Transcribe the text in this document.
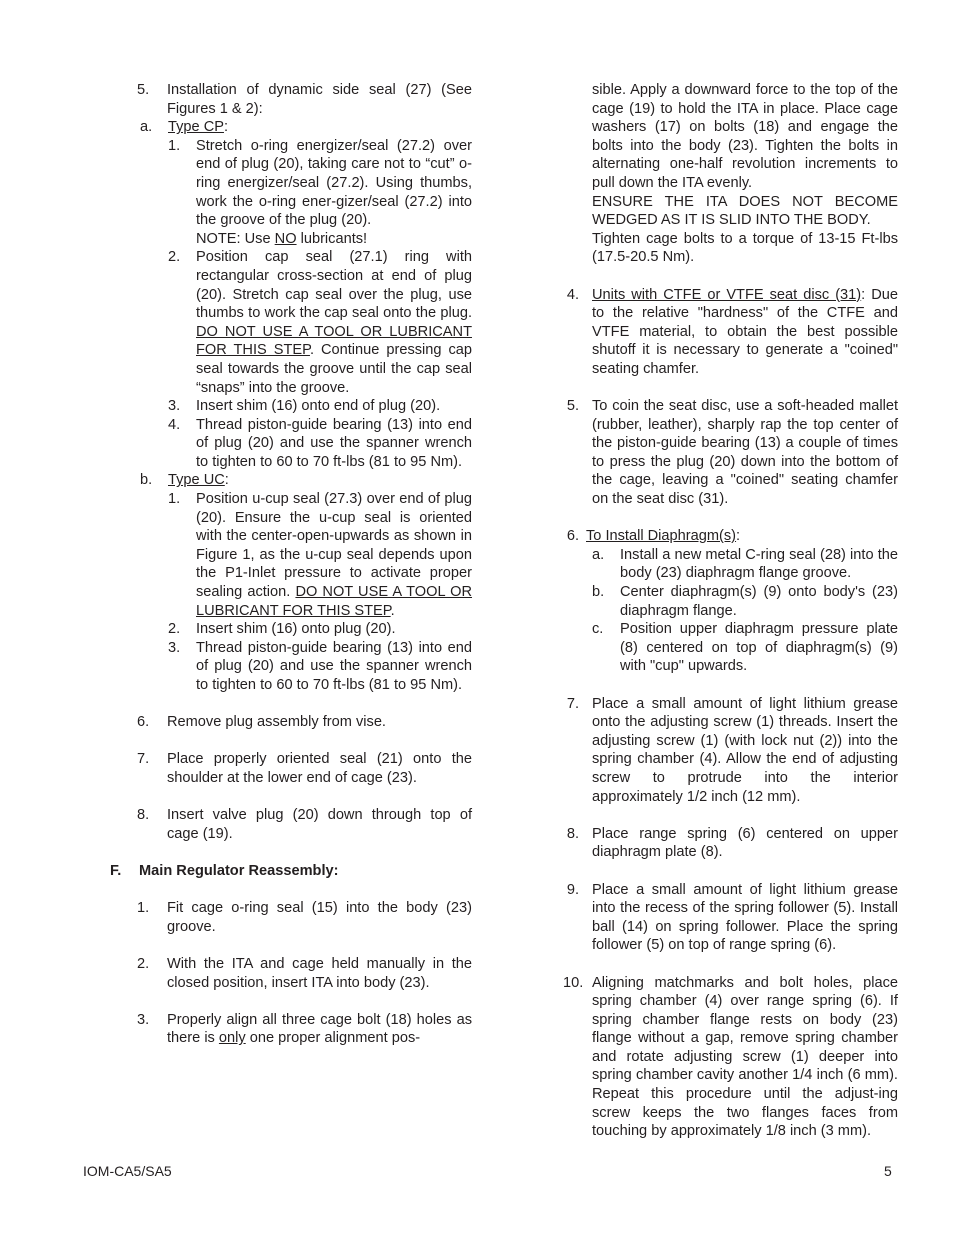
5. Installation of dynamic side seal (27) (See Figures 1 & 2):

a. Type CP:

1. Stretch o-ring energizer/seal (27.2) over end of plug (20), taking care not to “cut” o-ring energizer/seal (27.2). Using thumbs, work the o-ring ener-gizer/seal (27.2) into the groove of the plug (20).

NOTE: Use NO lubricants!

2. Position cap seal (27.1) ring with rectangular cross-section at end of plug (20). Stretch cap seal over the plug, use thumbs to work the cap seal onto the plug. DO NOT USE A TOOL OR LUBRICANT FOR THIS STEP. Continue pressing cap seal towards the groove until the cap seal “snaps” into the groove.

3. Insert shim (16) onto end of plug (20).

4. Thread piston-guide bearing (13) into end of plug (20) and use the spanner wrench to tighten to 60 to 70 ft-lbs (81 to 95 Nm).

b. Type UC:

1. Position u-cup seal (27.3) over end of plug (20). Ensure the u-cup seal is oriented with the center-open-upwards as shown in Figure 1, as the u-cup seal depends upon the P1-Inlet pressure to activate proper sealing action. DO NOT USE A TOOL OR LUBRICANT FOR THIS STEP.

2. Insert shim (16) onto plug (20).

3. Thread piston-guide bearing (13) into end of plug (20) and use the spanner wrench to tighten to 60 to 70 ft-lbs (81 to 95 Nm).

6. Remove plug assembly from vise.

7. Place properly oriented seal (21) onto the shoulder at the lower end of cage (23).

8. Insert valve plug (20) down through top of cage (19).

F. Main Regulator Reassembly:

1. Fit cage o-ring seal (15) into the body (23) groove.

2. With the ITA and cage held manually in the closed position, insert ITA into body (23).

3. Properly align all three cage bolt (18) holes as there is only one proper alignment pos-

sible. Apply a downward force to the top of the cage (19) to hold the ITA in place. Place cage washers (17) on bolts (18) and engage the bolts into the body (23). Tighten the bolts in alternating one-half revolution increments to pull down the ITA evenly.

ENSURE THE ITA DOES NOT BECOME WEDGED AS IT IS SLID INTO THE BODY.

Tighten cage bolts to a torque of 13-15 Ft-lbs (17.5-20.5 Nm).

4. Units with CTFE or VTFE seat disc (31): Due to the relative "hardness" of the CTFE and VTFE material, to obtain the best possible shutoff it is necessary to generate a "coined" seating chamfer.

5. To coin the seat disc, use a soft-headed mallet (rubber, leather), sharply rap the top center of the piston-guide bearing (13) a couple of times to press the plug (20) down into the bottom of the cage, leaving a "coined" seating chamfer on the seat disc (31).

6. To Install Diaphragm(s):

a. Install a new metal C-ring seal (28) into the body (23) diaphragm flange groove.

b. Center diaphragm(s) (9) onto body's (23) diaphragm flange.

c. Position upper diaphragm pressure plate (8) centered on top of diaphragm(s) (9) with "cup" upwards.

7. Place a small amount of light lithium grease onto the adjusting screw (1) threads. Insert the adjusting screw (1) (with lock nut (2)) into the spring chamber (4). Allow the end of adjusting screw to protrude into the interior approximately 1/2 inch (12 mm).

8. Place range spring (6) centered on upper diaphragm plate (8).

9. Place a small amount of light lithium grease into the recess of the spring follower (5). Install ball (14) on spring follower. Place the spring follower (5) on top of range spring (6).

10. Aligning matchmarks and bolt holes, place spring chamber (4) over range spring (6). If spring chamber flange rests on body (23) flange without a gap, remove spring chamber and rotate adjusting screw (1) deeper into spring chamber cavity another 1/4 inch (6 mm). Repeat this procedure until the adjust-ing screw keeps the two flanges faces from touching by approximately 1/8 inch (3 mm).

IOM-CA5/SA5	5
